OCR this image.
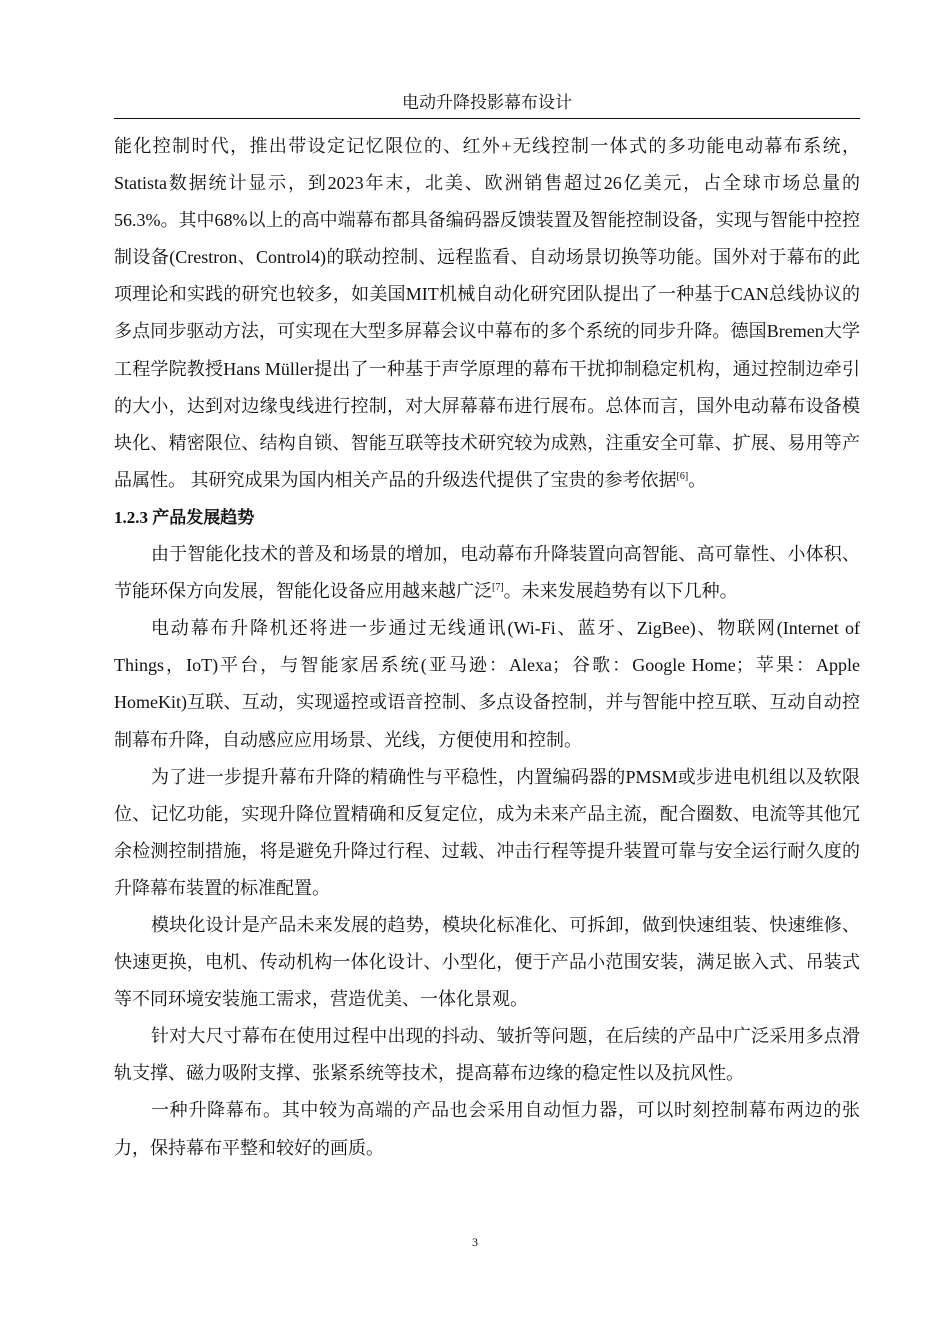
电动升降投影幕布设计

能化控制时代，推出带设定记忆限位的、红外+无线控制一体式的多功能电动幕布系统，Statista数据统计显示，到2023年末，北美、欧洲销售超过26亿美元，占全球市场总量的56.3%。其中68%以上的高中端幕布都具备编码器反馈装置及智能控制设备，实现与智能中控控制设备(Crestron、Control4)的联动控制、远程监看、自动场景切换等功能。国外对于幕布的此项理论和实践的研究也较多，如美国MIT机械自动化研究团队提出了一种基于CAN总线协议的多点同步驱动方法，可实现在大型多屏幕会议中幕布的多个系统的同步升降。德国Bremen大学工程学院教授Hans Müller提出了一种基于声学原理的幕布干扰抑制稳定机构，通过控制边牵引的大小，达到对边缘曳线进行控制，对大屏幕幕布进行展布。总体而言，国外电动幕布设备模块化、精密限位、结构自锁、智能互联等技术研究较为成熟，注重安全可靠、扩展、易用等产品属性。 其研究成果为国内相关产品的升级迭代提供了宝贵的参考依据[6]。

1.2.3 产品发展趋势

由于智能化技术的普及和场景的增加，电动幕布升降装置向高智能、高可靠性、小体积、节能环保方向发展，智能化设备应用越来越广泛[7]。未来发展趋势有以下几种。

电动幕布升降机还将进一步通过无线通讯(Wi-Fi、蓝牙、ZigBee)、物联网(Internet of Things，IoT)平台，与智能家居系统(亚马逊：Alexa；谷歌：Google Home；苹果：Apple HomeKit)互联、互动，实现遥控或语音控制、多点设备控制，并与智能中控互联、互动自动控制幕布升降，自动感应应用场景、光线，方便使用和控制。

为了进一步提升幕布升降的精确性与平稳性，内置编码器的PMSM或步进电机组以及软限位、记忆功能，实现升降位置精确和反复定位，成为未来产品主流，配合圈数、电流等其他冗余检测控制措施，将是避免升降过行程、过载、冲击行程等提升装置可靠与安全运行耐久度的升降幕布装置的标准配置。

模块化设计是产品未来发展的趋势，模块化标准化、可拆卸，做到快速组装、快速维修、快速更换，电机、传动机构一体化设计、小型化，便于产品小范围安装，满足嵌入式、吊装式等不同环境安装施工需求，营造优美、一体化景观。

针对大尺寸幕布在使用过程中出现的抖动、皱折等问题，在后续的产品中广泛采用多点滑轨支撑、磁力吸附支撑、张紧系统等技术，提高幕布边缘的稳定性以及抗风性。

一种升降幕布。其中较为高端的产品也会采用自动恒力器，可以时刻控制幕布两边的张力，保持幕布平整和较好的画质。

3
